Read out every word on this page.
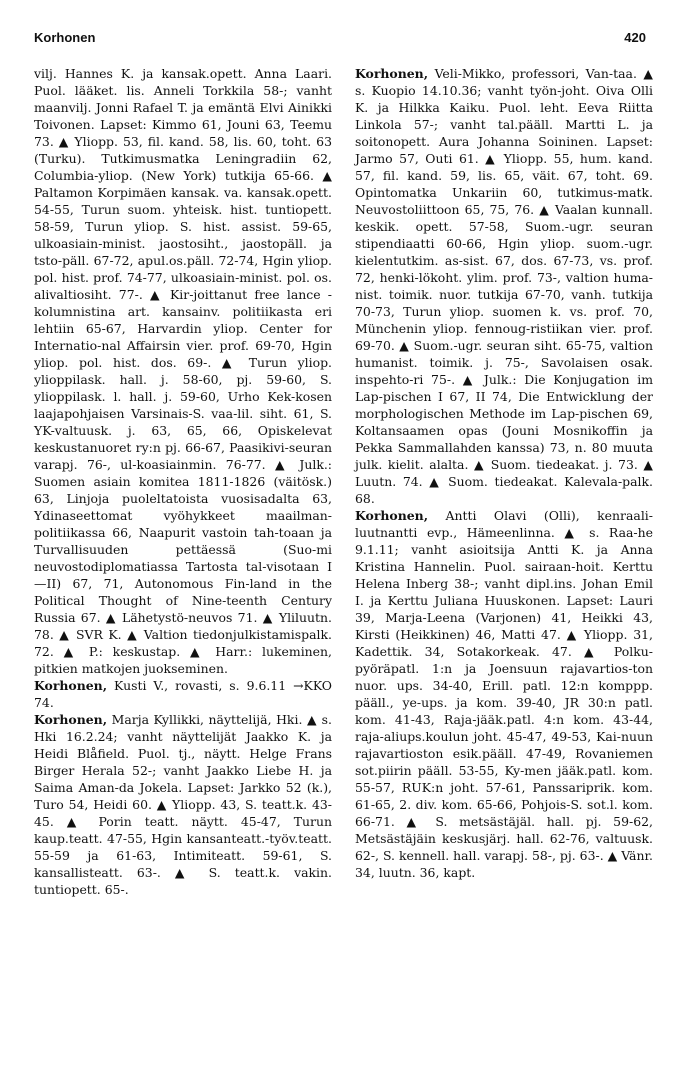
Korhonen	420

vilj. Hannes K. ja kansak.opett. Anna Laari. Puol. lääket. lis. Anneli Torkkila 58-; vanht maanvilj. Jonni Rafael T. ja emäntä Elvi Ainikki Toivonen. Lapset: Kimmo 61, Jouni 63, Teemu 73. ▲ Yliopp. 53, fil. kand. 58, lis. 60, toht. 63 (Turku). Tutkimusmatka Leningradiin 62, Columbia-yliop. (New York) tutkija 65-66. ▲ Paltamon Korpimäen kansak. va. kansak.opett. 54-55, Turun suom. yhteisk. hist. tuntiopett. 58-59, Turun yliop. S. hist. assist. 59-65, ulkoasiain-minist. jaostosiht., jaostopäll. ja tsto-päll. 67-72, apul.os.päll. 72-74, Hgin yliop. pol. hist. prof. 74-77, ulkoasiain-minist. pol. os. alivaltiosiht. 77-. ▲ Kir-joittanut free lance -kolumnistina art. kansainv. politiikasta eri lehtiin 65-67, Harvardin yliop. Center for Internatio-nal Affairsin vier. prof. 69-70, Hgin yliop. pol. hist. dos. 69-. ▲ Turun yliop. ylioppilask. hall. j. 58-60, pj. 59-60, S. ylioppilask. l. hall. j. 59-60, Urho Kek-kosen laajapohjaisen Varsinais-S. vaa-lil. siht. 61, S. YK-valtuusk. j. 63, 65, 66, Opiskelevat keskustanuoret ry:n pj. 66-67, Paasikivi-seuran varapj. 76-, ul-koasiainmin. 76-77. ▲ Julk.: Suomen asiain komitea 1811-1826 (väitösk.) 63, Linjoja puoleltatoista vuosisadalta 63, Ydinaseettomat vyöhykkeet maailman-politiikassa 66, Naapurit vastoin tah-toaan ja Turvallisuuden pettäessä (Suo-mi neuvostodiplomatiassa Tartosta tal-visotaan I—II) 67, 71, Autonomous Fin-land in the Political Thought of Nine-teenth Century Russia 67. ▲ Lähetystö-neuvos 71. ▲ Yliluutn. 78. ▲ SVR K. ▲ Valtion tiedonjulkistamispalk. 72. ▲ P.: keskustap. ▲ Harr.: lukeminen, pitkien matkojen juokseminen.

Korhonen, Kusti V., rovasti, s. 9.6.11 →KKO 74.

Korhonen, Marja Kyllikki, näyttelijä, Hki. ▲ s. Hki 16.2.24; vanht näyttelijät Jaakko K. ja Heidi Blåfield. Puol. tj., näytt. Helge Frans Birger Herala 52-; vanht Jaakko Liebe H. ja Saima Aman-da Jokela. Lapset: Jarkko 52 (k.), Turo 54, Heidi 60. ▲ Yliopp. 43, S. teatt.k. 43-45. ▲ Porin teatt. näytt. 45-47, Turun kaup.teatt. 47-55, Hgin kansanteatt.-työv.teatt. 55-59 ja 61-63, Intimiteatt. 59-61, S. kansallisteatt. 63-. ▲ S. teatt.k. vakin. tuntiopett. 65-.

Korhonen, Veli-Mikko, professori, Van-taa. ▲ s. Kuopio 14.10.36; vanht työn-joht. Oiva Olli K. ja Hilkka Kaiku. Puol. leht. Eeva Riitta Linkola 57-; vanht tal.pääll. Martti L. ja soitonopett. Aura Johanna Soininen. Lapset: Jarmo 57, Outi 61. ▲ Yliopp. 55, hum. kand. 57, fil. kand. 59, lis. 65, väit. 67, toht. 69. Opintomatka Unkariin 60, tutkimus-matk. Neuvostoliittoon 65, 75, 76. ▲ Vaalan kunnall. keskik. opett. 57-58, Suom.-ugr. seuran stipendiaatti 60-66, Hgin yliop. suom.-ugr. kielentutkim. as-sist. 67, dos. 67-73, vs. prof. 72, henki-lökoht. ylim. prof. 73-, valtion huma-nist. toimik. nuor. tutkija 67-70, vanh. tutkija 70-73, Turun yliop. suomen k. vs. prof. 70, Münchenin yliop. fennoug-ristiikan vier. prof. 69-70. ▲ Suom.-ugr. seuran siht. 65-75, valtion humanist. toimik. j. 75-, Savolaisen osak. inspehto-ri 75-. ▲ Julk.: Die Konjugation im Lap-pischen I 67, II 74, Die Entwicklung der morphologischen Methode im Lap-pischen 69, Koltansaamen opas (Jouni Mosnikoffin ja Pekka Sammallahden kanssa) 73, n. 80 muuta julk. kielit. alalta. ▲ Suom. tiedeakat. j. 73. ▲ Luutn. 74. ▲ Suom. tiedeakat. Kalevala-palk. 68.

Korhonen, Antti Olavi (Olli), kenraali-luutnantti evp., Hämeenlinna. ▲ s. Raa-he 9.1.11; vanht asioitsija Antti K. ja Anna Kristina Hannelin. Puol. sairaan-hoit. Kerttu Helena Inberg 38-; vanht dipl.ins. Johan Emil I. ja Kerttu Juliana Huuskonen. Lapset: Lauri 39, Marja-Leena (Varjonen) 41, Heikki 43, Kirsti (Heikkinen) 46, Matti 47. ▲ Yliopp. 31, Kadettik. 34, Sotakorkeak. 47. ▲ Polku-pyöräpatl. 1:n ja Joensuun rajavartios-ton nuor. ups. 34-40, Erill. patl. 12:n komppp. pääll., ye-ups. ja kom. 39-40, JR 30:n patl. kom. 41-43, Raja-jääk.patl. 4:n kom. 43-44, raja-aliups.koulun joht. 45-47, 49-53, Kai-nuun rajavartioston esik.pääll. 47-49, Rovaniemen sot.piirin pääll. 53-55, Ky-men jääk.patl. kom. 55-57, RUK:n joht. 57-61, Panssariprik. kom. 61-65, 2. div. kom. 65-66, Pohjois-S. sot.l. kom. 66-71. ▲ S. metsästäjäl. hall. pj. 59-62, Metsästäjäin keskusjärj. hall. 62-76, valtuusk. 62-, S. kennell. hall. varapj. 58-, pj. 63-. ▲ Vänr. 34, luutn. 36, kapt.
